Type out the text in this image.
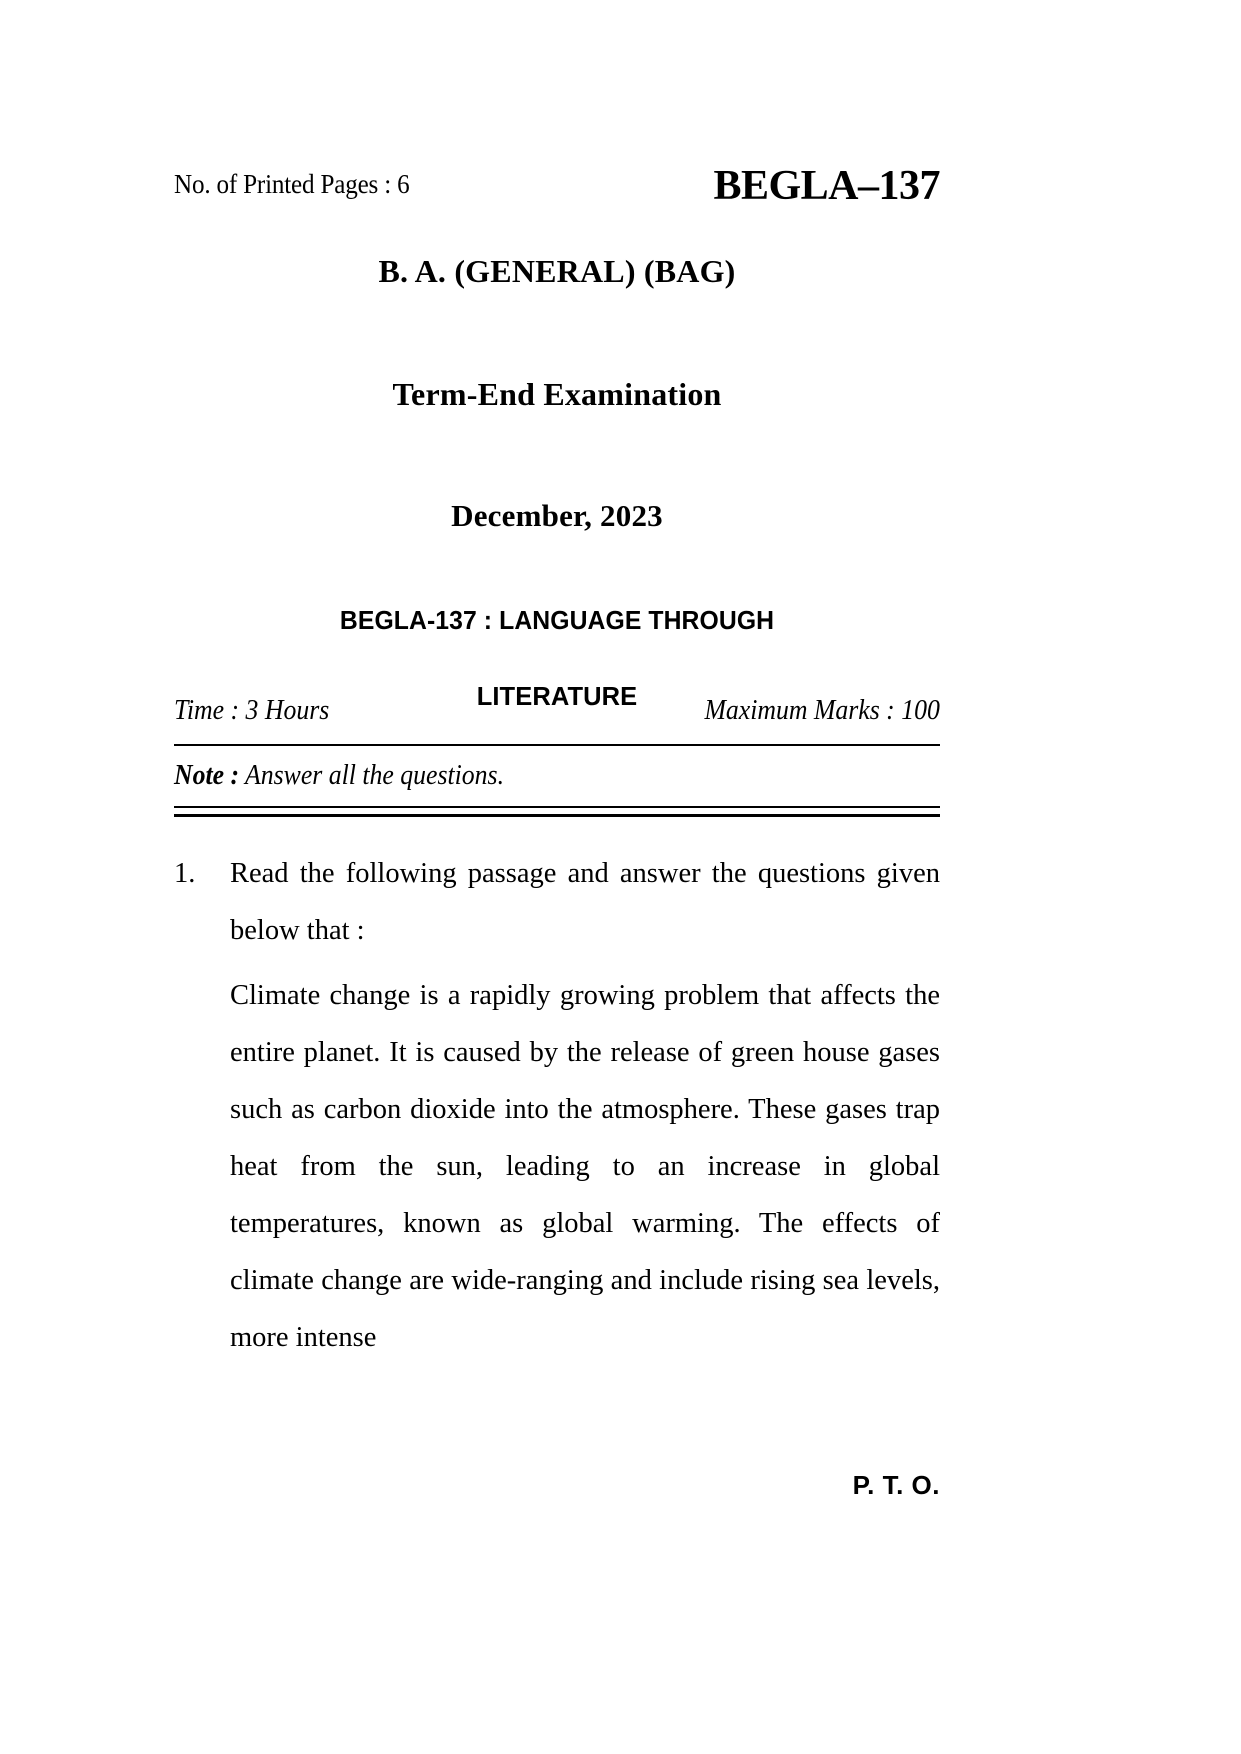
No. of Printed Pages : 6	BEGLA–137
B. A. (GENERAL) (BAG)
Term-End Examination
December, 2023
BEGLA-137 : LANGUAGE THROUGH
LITERATURE
Time : 3 Hours	Maximum Marks : 100
Note : Answer all the questions.
1. Read the following passage and answer the questions given below that :
Climate change is a rapidly growing problem that affects the entire planet. It is caused by the release of green house gases such as carbon dioxide into the atmosphere. These gases trap heat from the sun, leading to an increase in global temperatures, known as global warming. The effects of climate change are wide-ranging and include rising sea levels, more intense
P. T. O.
